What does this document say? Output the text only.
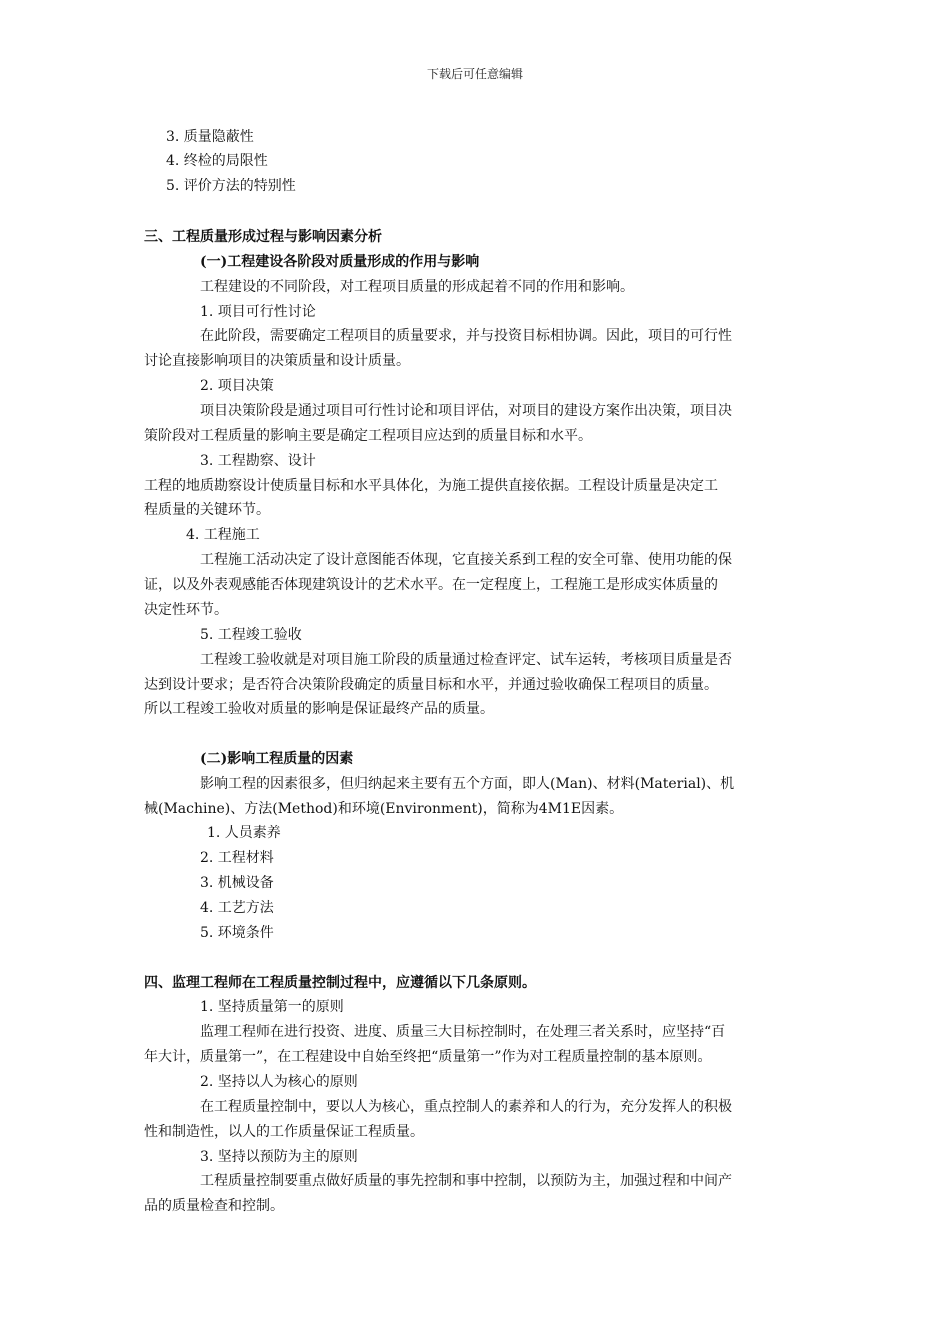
下载后可任意编辑
3. 质量隐蔽性
4. 终检的局限性
5. 评价方法的特别性
三、工程质量形成过程与影响因素分析
(一)工程建设各阶段对质量形成的作用与影响
工程建设的不同阶段，对工程项目质量的形成起着不同的作用和影响。
1. 项目可行性讨论
在此阶段，需要确定工程项目的质量要求，并与投资目标相协调。因此，项目的可行性
讨论直接影响项目的决策质量和设计质量。
2. 项目决策
项目决策阶段是通过项目可行性讨论和项目评估，对项目的建设方案作出决策，项目决
策阶段对工程质量的影响主要是确定工程项目应达到的质量目标和水平。
3. 工程勘察、设计
工程的地质勘察设计使质量目标和水平具体化，为施工提供直接依据。工程设计质量是决定工
程质量的关键环节。
4. 工程施工
工程施工活动决定了设计意图能否体现，它直接关系到工程的安全可靠、使用功能的保
证，以及外表观感能否体现建筑设计的艺术水平。在一定程度上，工程施工是形成实体质量的
决定性环节。
5. 工程竣工验收
工程竣工验收就是对项目施工阶段的质量通过检查评定、试车运转，考核项目质量是否
达到设计要求；是否符合决策阶段确定的质量目标和水平，并通过验收确保工程项目的质量。
所以工程竣工验收对质量的影响是保证最终产品的质量。
(二)影响工程质量的因素
影响工程的因素很多，但归纳起来主要有五个方面，即人(Man)、材料(Material)、机
械(Machine)、方法(Method)和环境(Environment)，简称为4M1E因素。
1. 人员素养
2. 工程材料
3. 机械设备
4. 工艺方法
5. 环境条件
四、监理工程师在工程质量控制过程中，应遵循以下几条原则。
1. 坚持质量第一的原则
监理工程师在进行投资、进度、质量三大目标控制时，在处理三者关系时，应坚持“百
年大计，质量第一”，在工程建设中自始至终把“质量第一”作为对工程质量控制的基本原则。
2. 坚持以人为核心的原则
在工程质量控制中，要以人为核心，重点控制人的素养和人的行为，充分发挥人的积极
性和制造性，以人的工作质量保证工程质量。
3. 坚持以预防为主的原则
工程质量控制要重点做好质量的事先控制和事中控制，以预防为主，加强过程和中间产
品的质量检查和控制。
